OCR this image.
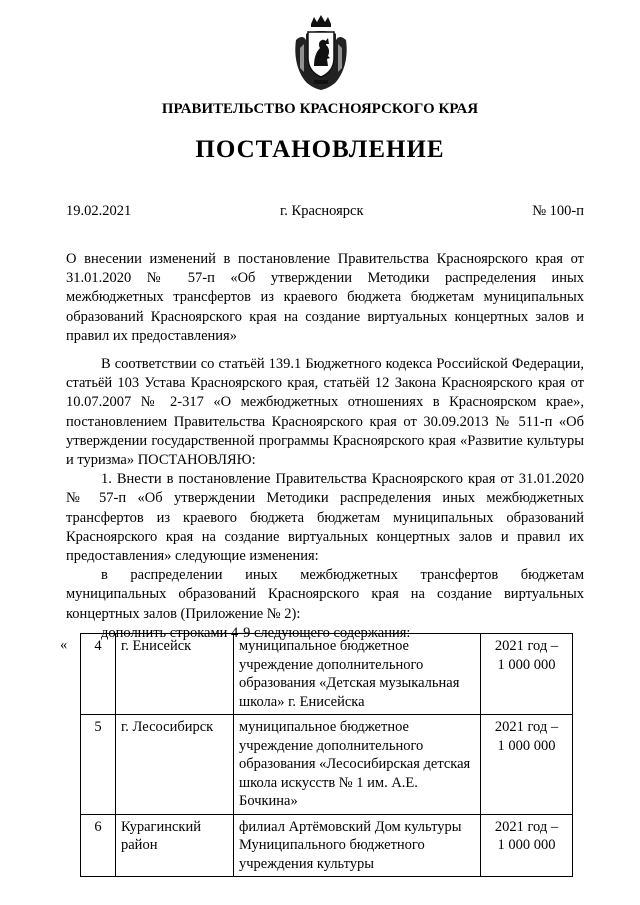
ПРАВИТЕЛЬСТВО КРАСНОЯРСКОГО КРАЯ
ПОСТАНОВЛЕНИЕ
19.02.2021	г. Красноярск	№ 100-п
О внесении изменений в постановление Правительства Красноярского края от 31.01.2020 № 57-п «Об утверждении Методики распределения иных межбюджетных трансфертов из краевого бюджета бюджетам муниципальных образований Красноярского края на создание виртуальных концертных залов и правил их предоставления»

В соответствии со статьёй 139.1 Бюджетного кодекса Российской Федерации, статьёй 103 Устава Красноярского края, статьёй 12 Закона Красноярского края от 10.07.2007 № 2-317 «О межбюджетных отношениях в Красноярском крае», постановлением Правительства Красноярского края от 30.09.2013 № 511-п «Об утверждении государственной программы Красноярского края «Развитие культуры и туризма» ПОСТАНОВЛЯЮ:

1. Внести в постановление Правительства Красноярского края от 31.01.2020 № 57-п «Об утверждении Методики распределения иных межбюджетных трансфертов из краевого бюджета бюджетам муниципальных образований Красноярского края на создание виртуальных концертных залов и правил их предоставления» следующие изменения:

в распределении иных межбюджетных трансфертов бюджетам муниципальных образований Красноярского края на создание виртуальных концертных залов (Приложение № 2):

дополнить строками 4-9 следующего содержания:

« 4	г. Енисейск	муниципальное бюджетное учреждение дополнительного образования «Детская музыкальная школа» г. Енисейска	2021 год –
1 000 000

5	г. Лесосибирск	муниципальное бюджетное учреждение дополнительного образования «Лесосибирская детская школа искусств № 1 им. А.Е. Бочкина»	2021 год –
1 000 000

6	Курагинский район	филиал Артёмовский Дом культуры Муниципального бюджетного учреждения культуры	2021 год –
1 000 000
